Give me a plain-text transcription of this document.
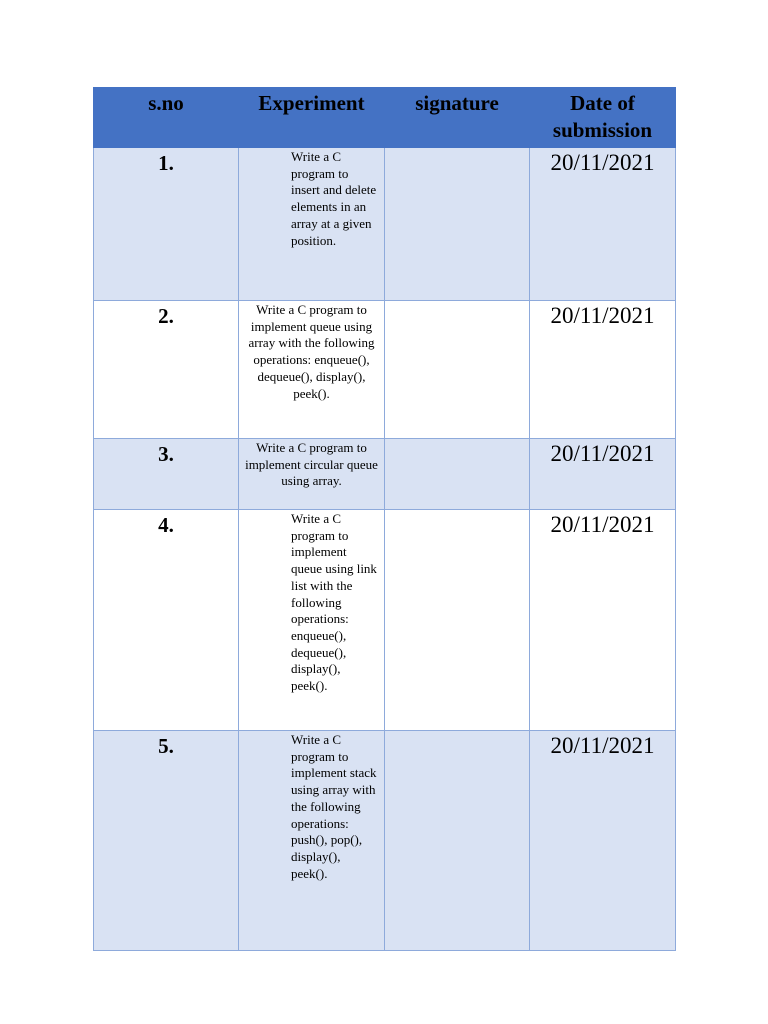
s.no	Experiment	signature	Date of submission
1.	Write a C program to insert and delete elements in an array at a given position.		20/11/2021
2.	Write a C program to implement queue using array with the following operations: enqueue(), dequeue(), display(), peek().		20/11/2021
3.	Write a C program to implement circular queue using array.		20/11/2021
4.	Write a C program to implement queue using link list with the following operations: enqueue(), dequeue(), display(), peek().		20/11/2021
5.	Write a C program to implement stack using array with the following operations: push(), pop(), display(), peek().		20/11/2021
